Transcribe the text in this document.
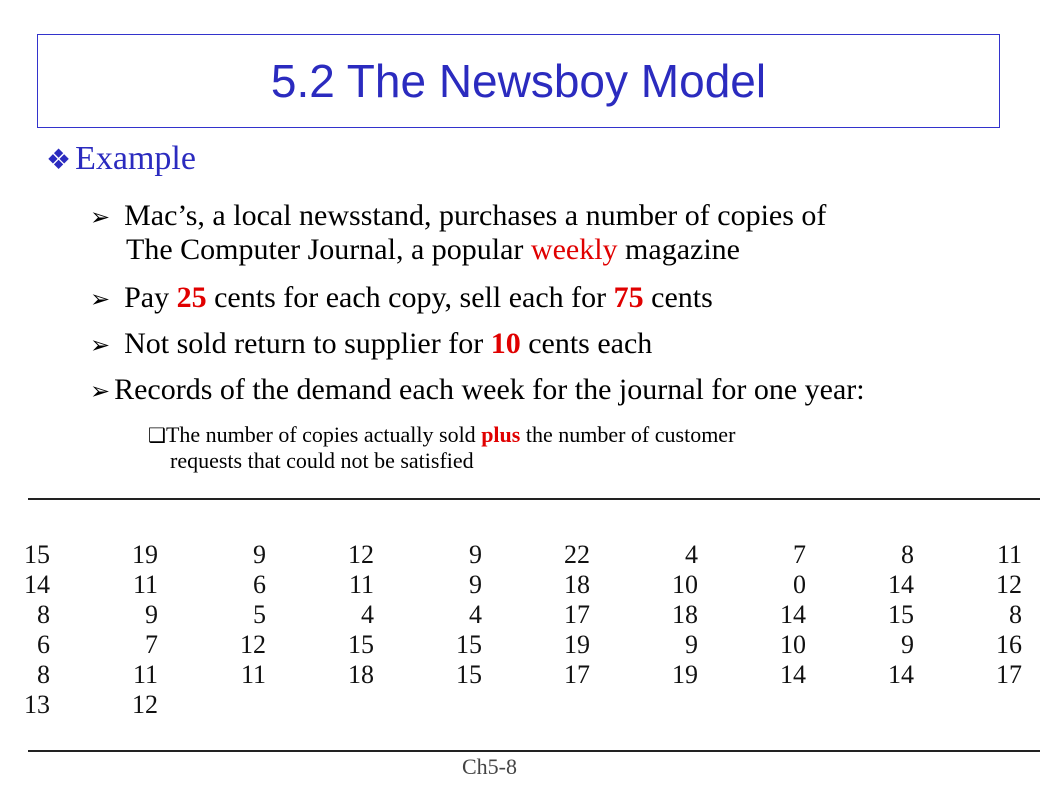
5.2 The Newsboy Model
❖ Example
➢ Mac’s, a local newsstand, purchases a number of copies of
The Computer Journal, a popular weekly magazine
➢ Pay 25 cents for each copy, sell each for 75 cents
➢ Not sold return to supplier for 10 cents each
➢ Records of the demand each week for the journal for one year:
❑The number of copies actually sold plus the number of customer
requests that could not be satisfied
15	19	9	12	9	22	4	7	8	11
14	11	6	11	9	18	10	0	14	12
8	9	5	4	4	17	18	14	15	8
6	7	12	15	15	19	9	10	9	16
8	11	11	18	15	17	19	14	14	17
13	12								
Ch5-8
